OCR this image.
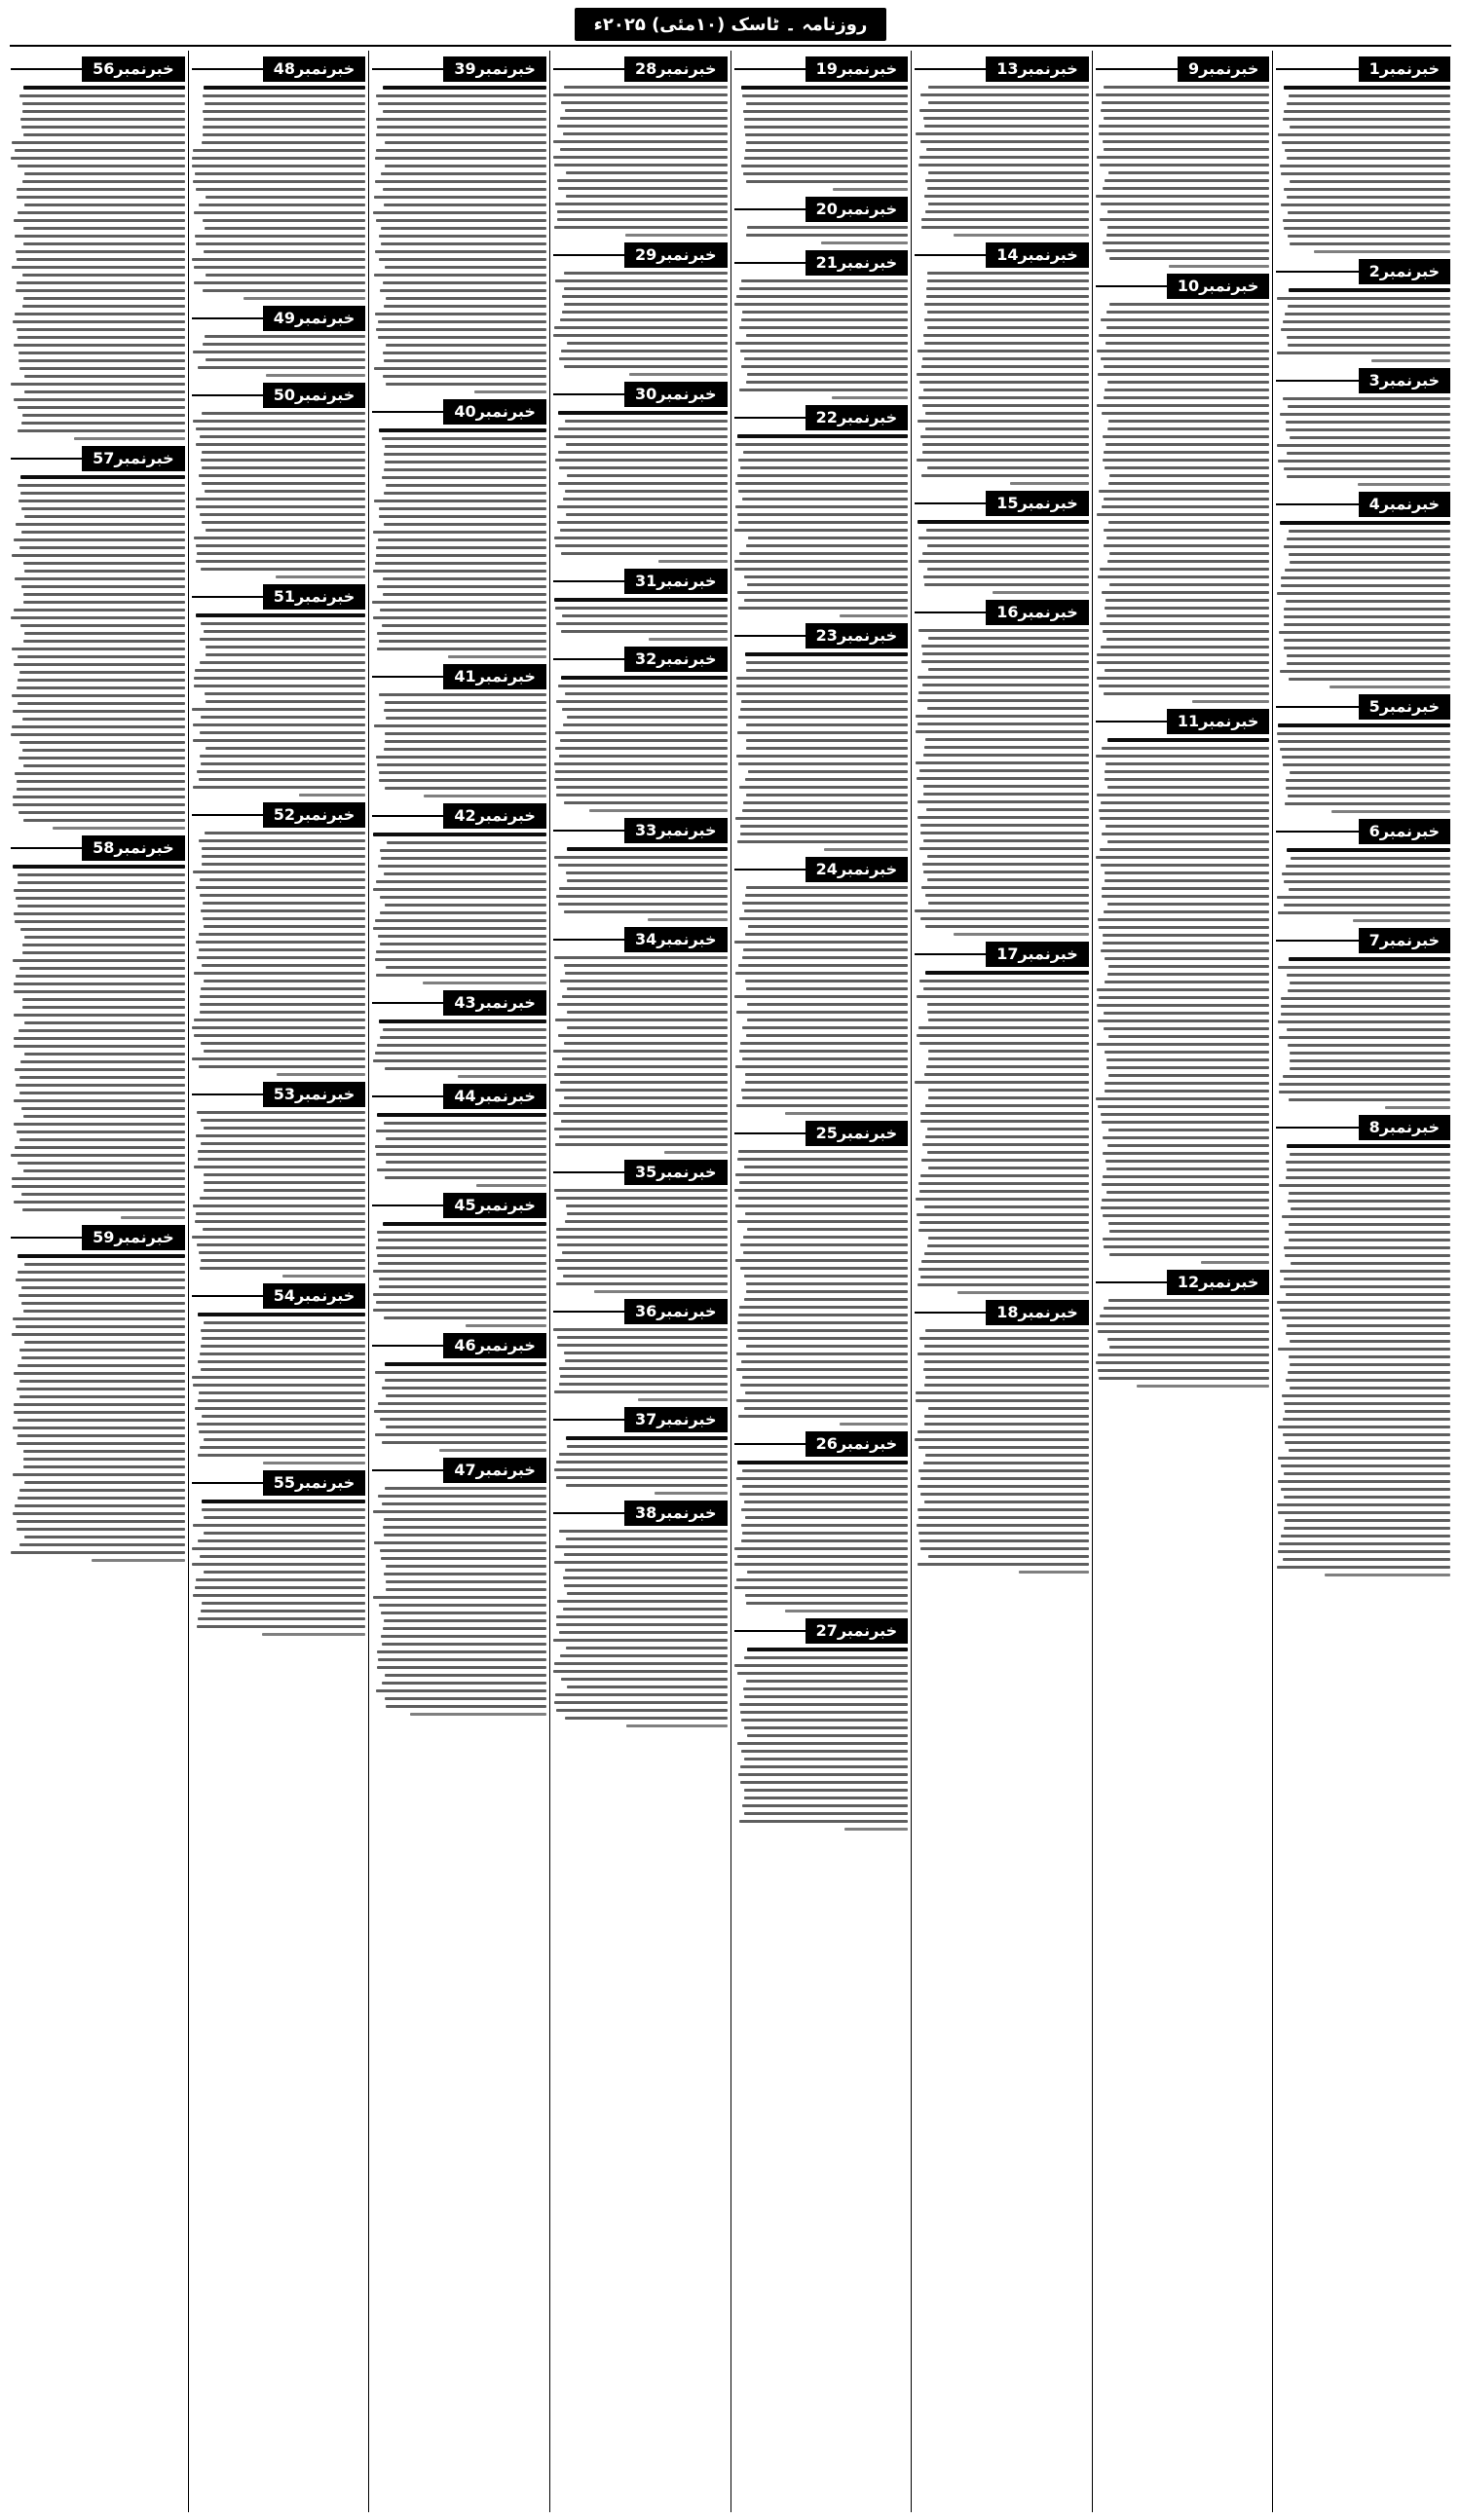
روزنامہ ۔ ٹاسک (۱۰مئی) ۲۰۲۵ء
خبرنمبر1
خبرنمبر2
خبرنمبر3
خبرنمبر4
خبرنمبر5
خبرنمبر6
خبرنمبر7
خبرنمبر8
خبرنمبر9
خبرنمبر10
خبرنمبر11
خبرنمبر12
خبرنمبر13
خبرنمبر14
خبرنمبر15
خبرنمبر16
خبرنمبر17
خبرنمبر18
خبرنمبر19
خبرنمبر20
خبرنمبر21
خبرنمبر22
خبرنمبر23
خبرنمبر24
خبرنمبر25
خبرنمبر26
خبرنمبر27
خبرنمبر28
خبرنمبر29
خبرنمبر30
خبرنمبر31
خبرنمبر32
خبرنمبر33
خبرنمبر34
خبرنمبر35
خبرنمبر36
خبرنمبر37
خبرنمبر38
خبرنمبر39
خبرنمبر40
خبرنمبر41
خبرنمبر42
خبرنمبر43
خبرنمبر44
خبرنمبر45
خبرنمبر46
خبرنمبر47
خبرنمبر48
خبرنمبر49
خبرنمبر50
خبرنمبر51
خبرنمبر52
خبرنمبر53
خبرنمبر54
خبرنمبر55
خبرنمبر56
خبرنمبر57
خبرنمبر58
خبرنمبر59
